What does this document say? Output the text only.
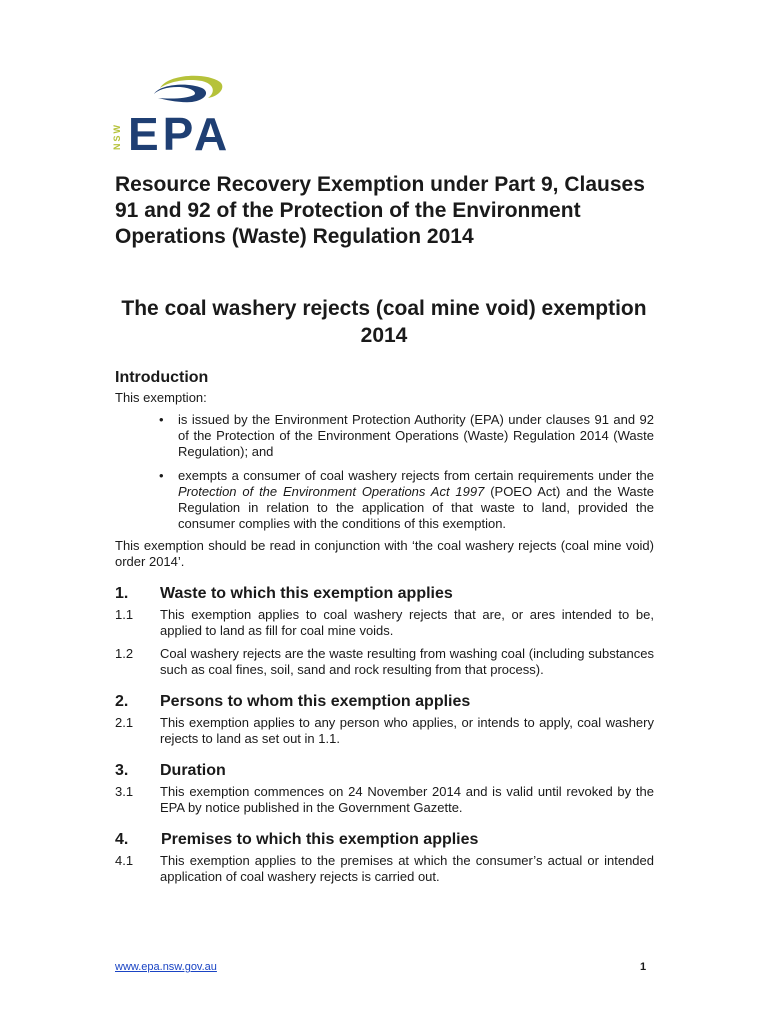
NSW EPA
Resource Recovery Exemption under Part 9, Clauses 91 and 92 of the Protection of the Environment Operations (Waste) Regulation 2014
The coal washery rejects (coal mine void) exemption 2014
Introduction

This exemption:

• is issued by the Environment Protection Authority (EPA) under clauses 91 and 92 of the Protection of the Environment Operations (Waste) Regulation 2014 (Waste Regulation); and
• exempts a consumer of coal washery rejects from certain requirements under the Protection of the Environment Operations Act 1997 (POEO Act) and the Waste Regulation in relation to the application of that waste to land, provided the consumer complies with the conditions of this exemption.

This exemption should be read in conjunction with ‘the coal washery rejects (coal mine void) order 2014’.

1.	Waste to which this exemption applies
1.1	This exemption applies to coal washery rejects that are, or ares intended to be, applied to land as fill for coal mine voids.
1.2	Coal washery rejects are the waste resulting from washing coal (including substances such as coal fines, soil, sand and rock resulting from that process).
2.	Persons to whom this exemption applies
2.1	This exemption applies to any person who applies, or intends to apply, coal washery rejects to land as set out in 1.1.
3.	Duration
3.1	This exemption commences on 24 November 2014 and is valid until revoked by the EPA by notice published in the Government Gazette.
4.	Premises to which this exemption applies
4.1	This exemption applies to the premises at which the consumer’s actual or intended application of coal washery rejects is carried out.
www.epa.nsw.gov.au	1
